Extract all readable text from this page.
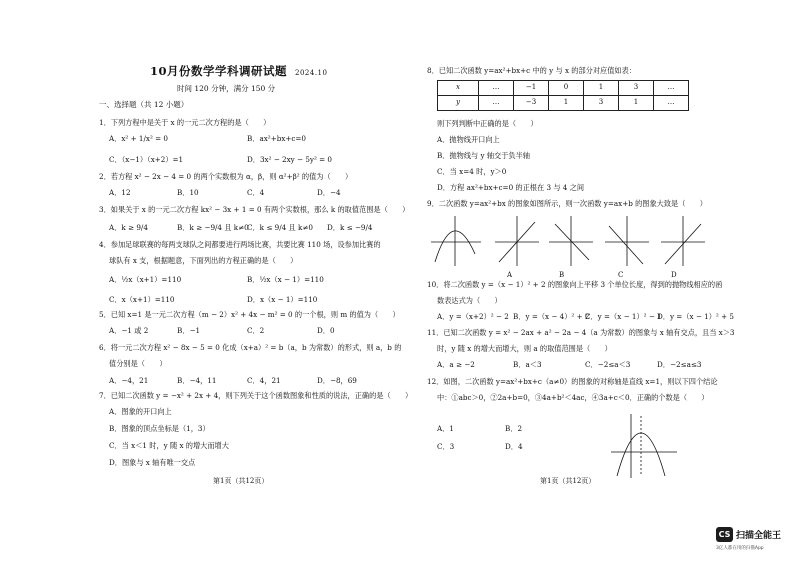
10月份数学学科调研试题 2024.10
时间 120 分钟，满分 150 分
一、选择题（共 12 小题）
1．下列方程中是关于 x 的一元二次方程的是（　　）
A．x² + 1/x² = 0	B．ax²+bx+c=0
C．（x−1）（x+2）=1	D．3x² − 2xy − 5y² = 0
2．若方程 x² − 2x − 4 = 0 的两个实数根为 α，β，则 α²+β² 的值为（　　）
A．12	B．10	C．4	D．−4
3．如果关于 x 的一元二次方程 kx² − 3x + 1 = 0 有两个实数根，那么 k 的取值范围是（　　）
A．k ≥ 9/4	B．k ≥ −9/4 且 k≠0
C．k ≤ 9/4 且 k≠0 D．k ≤ −9/4
4．参加足球联赛的每两支球队之间都要进行两场比赛，共要比赛 110 场，设参加比赛的
球队有 x 支，根据题意，下面列出的方程正确的是（　　）
A．½x（x+1）=110	B．½x（x − 1）=110
C．x（x+1）=110	D．x（x − 1）=110
5．已知 x=1 是一元二次方程（m − 2）x² + 4x − m² = 0 的一个根，则 m 的值为（　　）
A．−1 或 2	B．−1	C．2	D．0
6．将一元二次方程 x² − 8x − 5 = 0 化成（x+a）² = b（a，b 为常数）的形式，则 a，b 的
值分别是（　　）
A．−4，21	B．−4，11	C．4，21	D．−8，69
7．已知二次函数 y = −x² + 2x + 4，则下列关于这个函数图象和性质的说法，正确的是（　　）
A．图象的开口向上
B．图象的顶点坐标是（1，3）
C．当 x＜1 时，y 随 x 的增大而增大
D．图象与 x 轴有唯一交点
第1页（共12页）
8．已知二次函数 y=ax²+bx+c 中的 y 与 x 的部分对应值如表：
x	…	−1	0	1	3	…
y	…	−3	1	3	1	…
则下列判断中正确的是（　　）
A．抛物线开口向上
B．抛物线与 y 轴交于负半轴
C．当 x=4 时，y＞0
D．方程 ax²+bx+c=0 的正根在 3 与 4 之间
9．二次函数 y=ax²+bx 的图象如图所示，则一次函数 y=ax+b 的图象大致是（　　）
A	B	C	D
10．将二次函数 y =（x − 1）² + 2 的图象向上平移 3 个单位长度，得到的抛物线相应的函
数表达式为（　　）
A．y =（x+2）² − 2 B．y =（x − 4）² + 2
C．y =（x − 1）² − 1
D．y =（x − 1）² + 5
11．已知二次函数 y = x² − 2ax + a² − 2a − 4（a 为常数）的图象与 x 轴有交点，且当 x＞3
时，y 随 x 的增大而增大，则 a 的取值范围是（　　）
A．a ≥ −2	B．a＜3	C．−2≤a＜3	D．−2≤a≤3
12．如图，二次函数 y=ax²+bx+c（a≠0）的图象的对称轴是直线 x=1，则以下四个结论
中：①abc＞0，②2a+b=0，③4a+b²＜4ac，④3a+c＜0．正确的个数是（　　）
A．1	B．2
C．3	D．4
第1页（共12页）
CS 扫描全能王
3亿人都在用的扫描App
